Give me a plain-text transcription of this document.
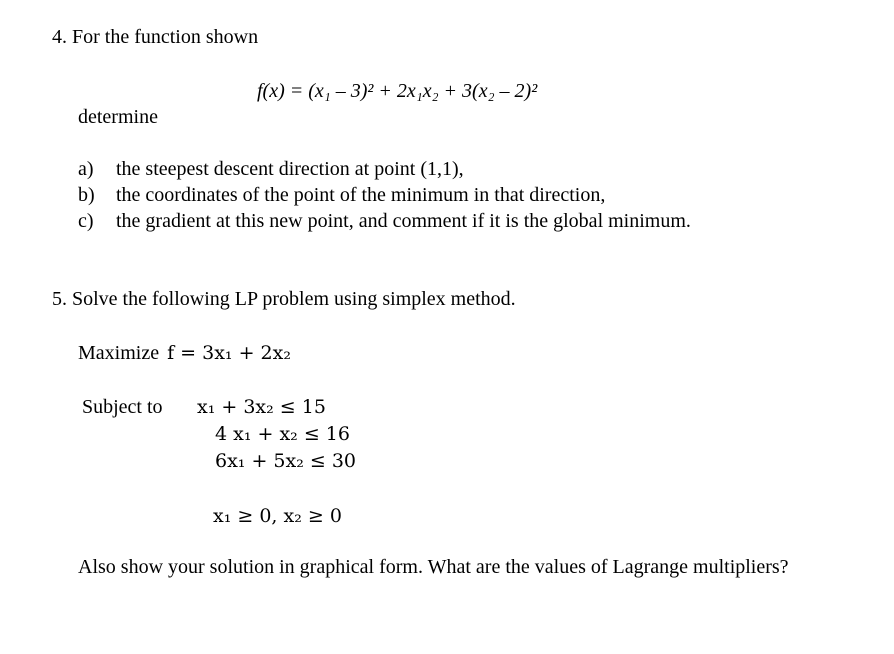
4. For the function shown
f(x) = (x₁ – 3)² + 2x₁x₂ + 3(x₂ – 2)²
determine
a) the steepest descent direction at point (1,1),
b) the coordinates of the point of the minimum in that direction,
c) the gradient at this new point, and comment if it is the global minimum.
5. Solve the following LP problem using simplex method.
Maximize f = 3x₁ + 2x₂
Subject to x₁ + 3x₂ ≤ 15
4 x₁ + x₂ ≤ 16
6x₁ + 5x₂ ≤ 30
x₁ ≥ 0, x₂ ≥ 0
Also show your solution in graphical form. What are the values of Lagrange multipliers?
